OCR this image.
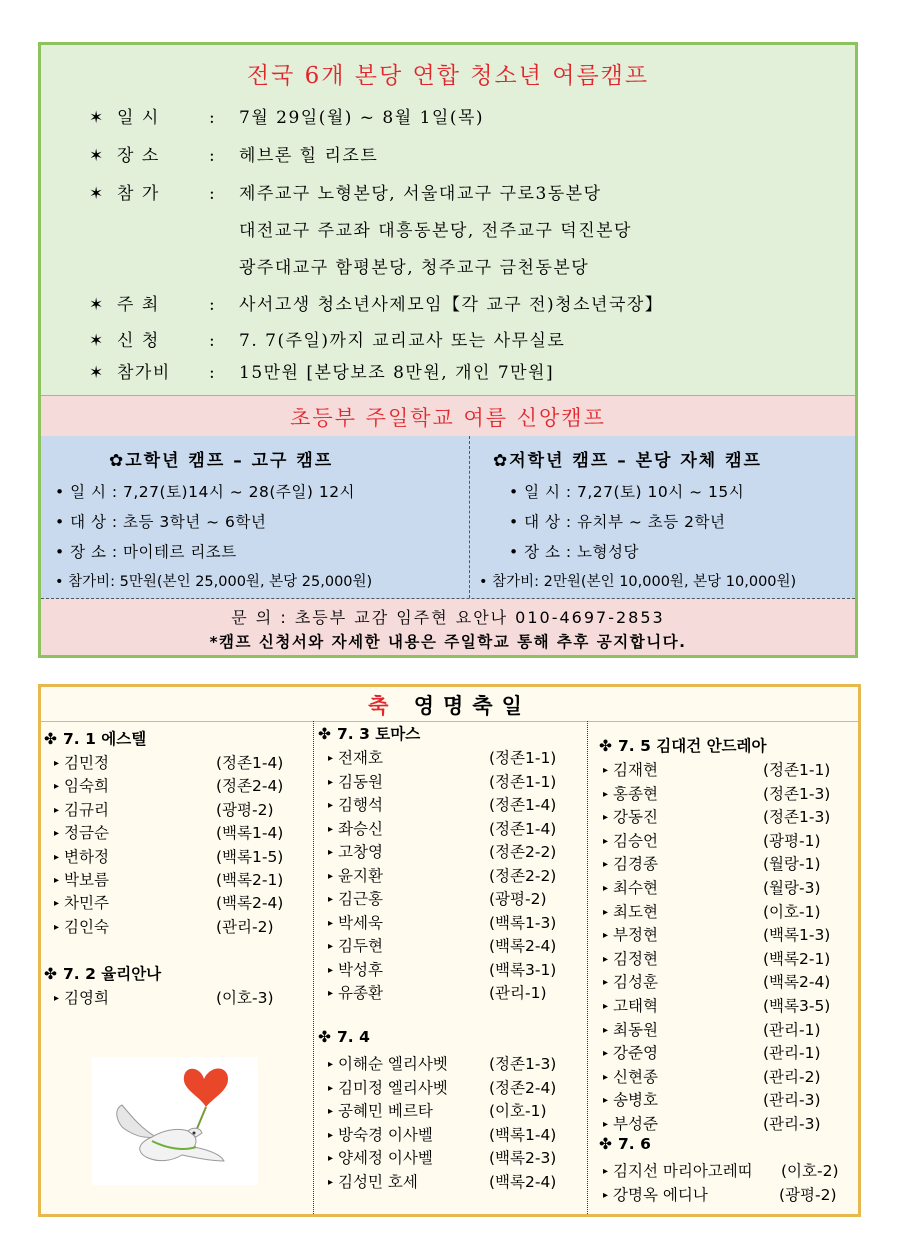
전국 6개 본당 연합 청소년 여름캠프
✶ 일 시	: 7월 29일(월) ~ 8월 1일(목)
✶ 장 소	: 헤브론 힐 리조트
✶ 참 가	: 제주교구 노형본당, 서울대교구 구로3동본당
대전교구 주교좌 대흥동본당, 전주교구 덕진본당
광주대교구 함평본당, 청주교구 금천동본당
✶ 주 최	: 사서고생 청소년사제모임【각 교구 전)청소년국장】
✶ 신 청	: 7. 7(주일)까지 교리교사 또는 사무실로
✶ 참가비 : 15만원 [본당보조 8만원, 개인 7만원]
초등부 주일학교 여름 신앙캠프
✿고학년 캠프 – 고구 캠프
• 일 시 : 7,27(토)14시 ~ 28(주일) 12시
• 대 상 : 초등 3학년 ~ 6학년
• 장 소 : 마이테르 리조트
• 참가비: 5만원(본인 25,000원, 본당 25,000원)
✿저학년 캠프 – 본당 자체 캠프
• 일 시 : 7,27(토) 10시 ~ 15시
• 대 상 : 유치부 ~ 초등 2학년
• 장 소 : 노형성당
• 참가비: 2만원(본인 10,000원, 본당 10,000원)
문 의 : 초등부 교감 임주현 요안나 010-4697-2853
*캠프 신청서와 자세한 내용은 주일학교 통해 추후 공지합니다.
축 영명축일
✤ 7. 1 에스텔
▸ 김민정	(정존1-4)
▸ 임숙희	(정존2-4)
▸ 김규리	(광평-2)
▸ 정금순	(백록1-4)
▸ 변하정	(백록1-5)
▸ 박보름	(백록2-1)
▸ 차민주	(백록2-4)
▸ 김인숙	(관리-2)
✤ 7. 2 율리안나
▸ 김영희	(이호-3)
✤ 7. 3 토마스
▸ 전재호	(정존1-1)
▸ 김동원	(정존1-1)
▸ 김행석	(정존1-4)
▸ 좌승신	(정존1-4)
▸ 고창영	(정존2-2)
▸ 윤지환	(정존2-2)
▸ 김근홍	(광평-2)
▸ 박세욱	(백록1-3)
▸ 김두현	(백록2-4)
▸ 박성후	(백록3-1)
▸ 유종환	(관리-1)
✤ 7. 4
▸ 이해순 엘리사벳	(정존1-3)
▸ 김미정 엘리사벳	(정존2-4)
▸ 공혜민 베르타	(이호-1)
▸ 방숙경 이사벨	(백록1-4)
▸ 양세정 이사벨	(백록2-3)
▸ 김성민 호세	(백록2-4)
✤ 7. 5 김대건 안드레아
▸ 김재현	(정존1-1)
▸ 홍종현	(정존1-3)
▸ 강동진	(정존1-3)
▸ 김승언	(광평-1)
▸ 김경종	(월랑-1)
▸ 최수현	(월랑-3)
▸ 최도현	(이호-1)
▸ 부정현	(백록1-3)
▸ 김정현	(백록2-1)
▸ 김성훈	(백록2-4)
▸ 고태혁	(백록3-5)
▸ 최동원	(관리-1)
▸ 강준영	(관리-1)
▸ 신현종	(관리-2)
▸ 송병호	(관리-3)
▸ 부성준	(관리-3)
✤ 7. 6
▸ 김지선 마리아고레띠 (이호-2)
▸ 강명옥 에디나	(광평-2)
